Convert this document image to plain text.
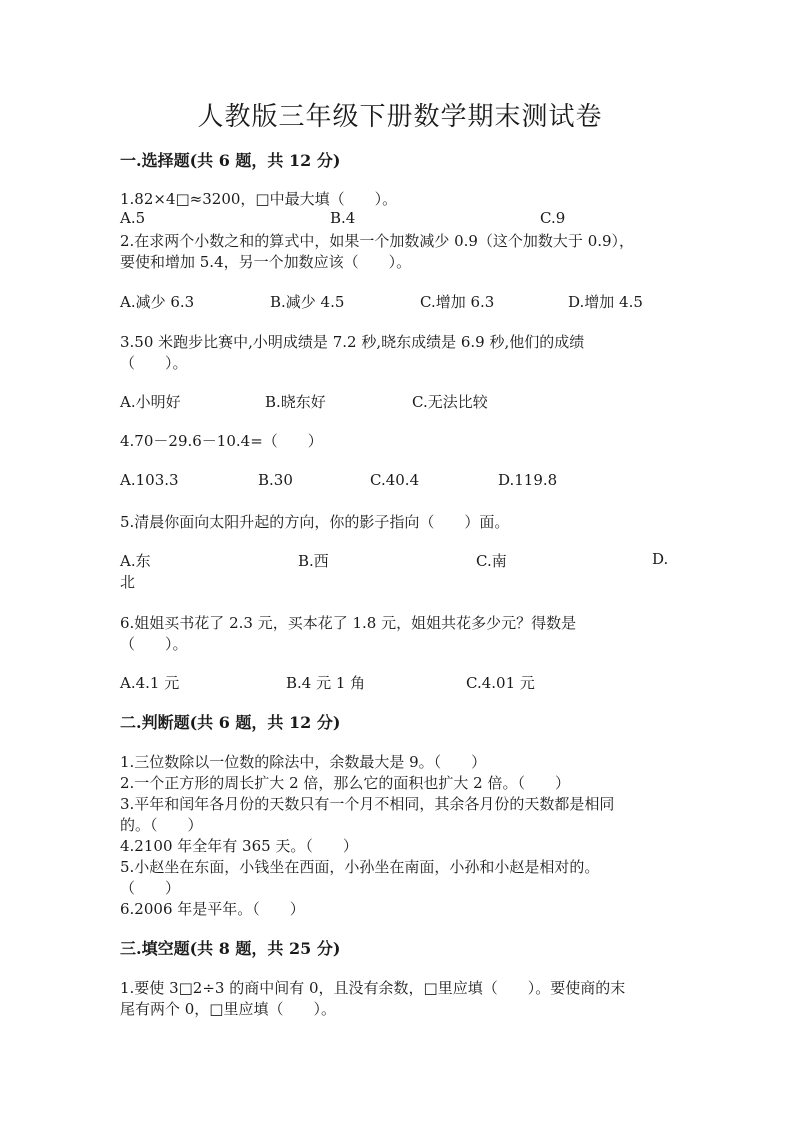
人教版三年级下册数学期末测试卷
一.选择题(共 6 题，共 12 分)
1.82×4□≈3200，□中最大填（　　）。
A.5	B.4	C.9
2.在求两个小数之和的算式中，如果一个加数减少 0.9（这个加数大于 0.9），
要使和增加 5.4，另一个加数应该（　　）。
A.减少 6.3	B.减少 4.5	C.增加 6.3	D.增加 4.5
3.50 米跑步比赛中,小明成绩是 7.2 秒,晓东成绩是 6.9 秒,他们的成绩
（　　）。
A.小明好	B.晓东好	C.无法比较
4.70－29.6－10.4=（　　）
A.103.3	B.30	C.40.4	D.119.8
5.清晨你面向太阳升起的方向，你的影子指向（　　）面。
A.东	B.西	C.南	D.
北
6.姐姐买书花了 2.3 元，买本花了 1.8 元，姐姐共花多少元？得数是
（　　）。
A.4.1 元	B.4 元 1 角	C.4.01 元
二.判断题(共 6 题，共 12 分)
1.三位数除以一位数的除法中，余数最大是 9。（　　）
2.一个正方形的周长扩大 2 倍，那么它的面积也扩大 2 倍。（　　）
3.平年和闰年各月份的天数只有一个月不相同，其余各月份的天数都是相同
的。（　　）
4.2100 年全年有 365 天。（　　）
5.小赵坐在东面，小钱坐在西面，小孙坐在南面，小孙和小赵是相对的。
（　　）
6.2006 年是平年。（　　）
三.填空题(共 8 题，共 25 分)
1.要使 3□2÷3 的商中间有 0，且没有余数，□里应填（　　）。要使商的末
尾有两个 0，□里应填（　　）。
